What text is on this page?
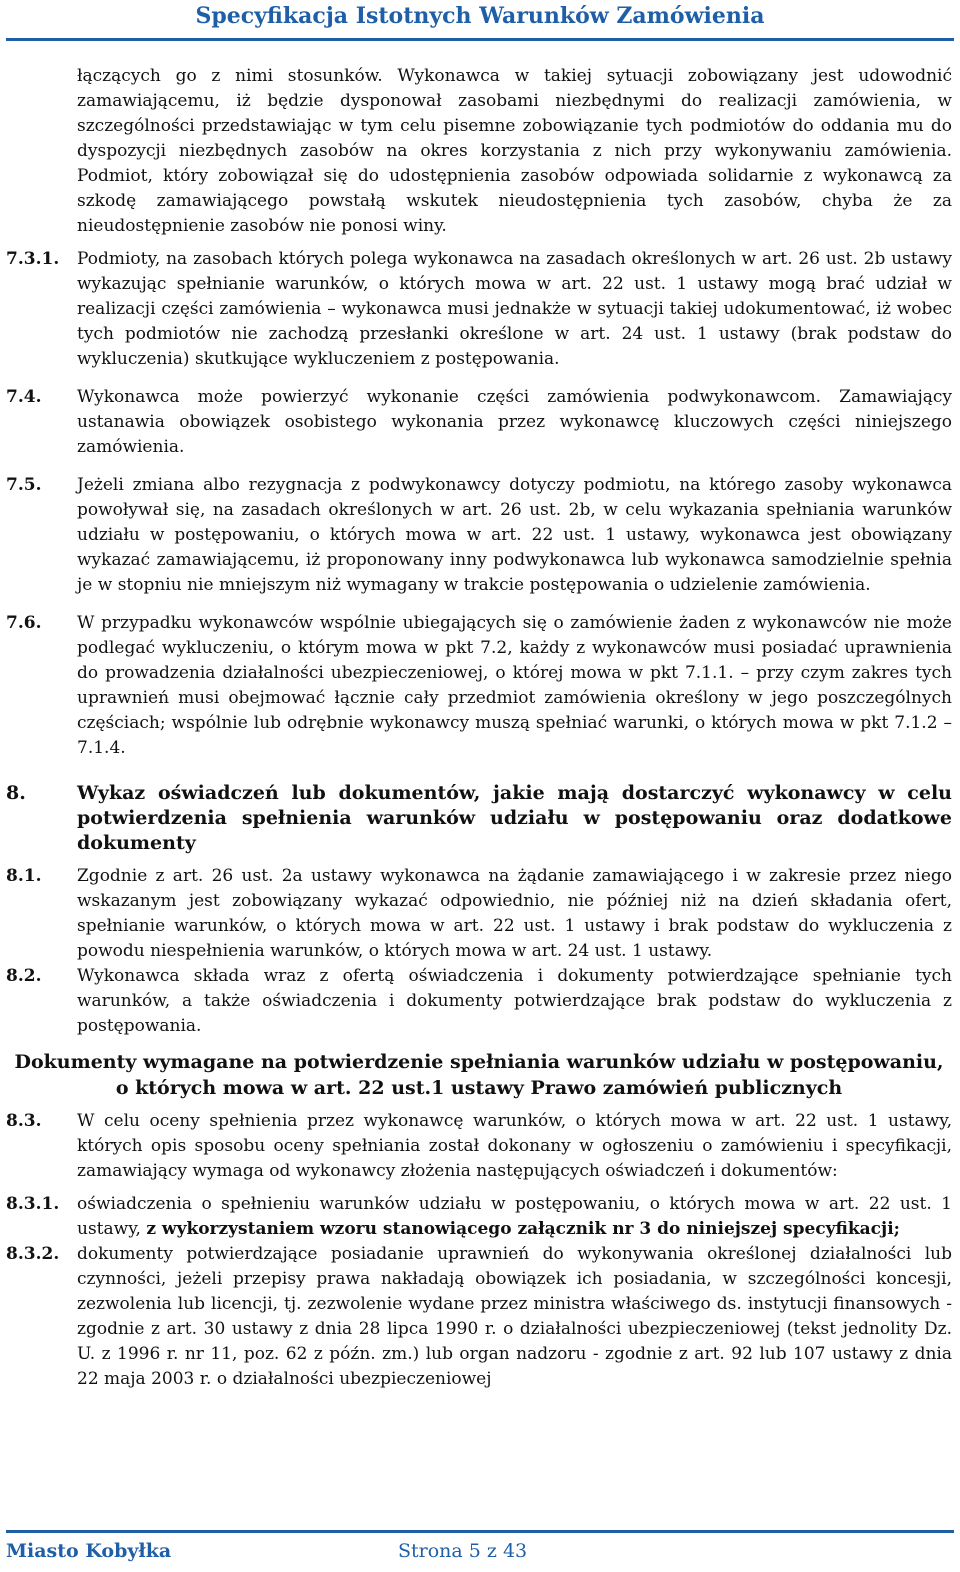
Specyfikacja Istotnych Warunków Zamówienia

łączących go z nimi stosunków. Wykonawca w takiej sytuacji zobowiązany jest udowodnić zamawiającemu, iż będzie dysponował zasobami niezbędnymi do realizacji zamówienia, w szczególności przedstawiając w tym celu pisemne zobowiązanie tych podmiotów do oddania mu do dyspozycji niezbędnych zasobów na okres korzystania z nich przy wykonywaniu zamówienia. Podmiot, który zobowiązał się do udostępnienia zasobów odpowiada solidarnie z wykonawcą za szkodę zamawiającego powstałą wskutek nieudostępnienia tych zasobów, chyba że za nieudostępnienie zasobów nie ponosi winy.

7.3.1. Podmioty, na zasobach których polega wykonawca na zasadach określonych w art. 26 ust. 2b ustawy wykazując spełnianie warunków, o których mowa w art. 22 ust. 1 ustawy mogą brać udział w realizacji części zamówienia – wykonawca musi jednakże w sytuacji takiej udokumentować, iż wobec tych podmiotów nie zachodzą przesłanki określone w art. 24 ust. 1 ustawy (brak podstaw do wykluczenia) skutkujące wykluczeniem z postępowania.

7.4. Wykonawca może powierzyć wykonanie części zamówienia podwykonawcom. Zamawiający ustanawia obowiązek osobistego wykonania przez wykonawcę kluczowych części niniejszego zamówienia.

7.5. Jeżeli zmiana albo rezygnacja z podwykonawcy dotyczy podmiotu, na którego zasoby wykonawca powoływał się, na zasadach określonych w art. 26 ust. 2b, w celu wykazania spełniania warunków udziału w postępowaniu, o których mowa w art. 22 ust. 1 ustawy, wykonawca jest obowiązany wykazać zamawiającemu, iż proponowany inny podwykonawca lub wykonawca samodzielnie spełnia je w stopniu nie mniejszym niż wymagany w trakcie postępowania o udzielenie zamówienia.

7.6. W przypadku wykonawców wspólnie ubiegających się o zamówienie żaden z wykonawców nie może podlegać wykluczeniu, o którym mowa w pkt 7.2, każdy z wykonawców musi posiadać uprawnienia do prowadzenia działalności ubezpieczeniowej, o której mowa w pkt 7.1.1. – przy czym zakres tych uprawnień musi obejmować łącznie cały przedmiot zamówienia określony w jego poszczególnych częściach; wspólnie lub odrębnie wykonawcy muszą spełniać warunki, o których mowa w pkt 7.1.2 – 7.1.4.

8.	Wykaz oświadczeń lub dokumentów, jakie mają dostarczyć wykonawcy w celu potwierdzenia spełnienia warunków udziału w postępowaniu oraz dodatkowe dokumenty

8.1. Zgodnie z art. 26 ust. 2a ustawy wykonawca na żądanie zamawiającego i w zakresie przez niego wskazanym jest zobowiązany wykazać odpowiednio, nie później niż na dzień składania ofert, spełnianie warunków, o których mowa w art. 22 ust. 1 ustawy i brak podstaw do wykluczenia z powodu niespełnienia warunków, o których mowa w art. 24 ust. 1 ustawy.

8.2. Wykonawca składa wraz z ofertą oświadczenia i dokumenty potwierdzające spełnianie tych warunków, a także oświadczenia i dokumenty potwierdzające brak podstaw do wykluczenia z postępowania.

Dokumenty wymagane na potwierdzenie spełniania warunków udziału w postępowaniu,
o których mowa w art. 22 ust.1 ustawy Prawo zamówień publicznych
8.3. W celu oceny spełnienia przez wykonawcę warunków, o których mowa w art. 22 ust. 1 ustawy, których opis sposobu oceny spełniania został dokonany w ogłoszeniu o zamówieniu i specyfikacji, zamawiający wymaga od wykonawcy złożenia następujących oświadczeń i dokumentów:

8.3.1. oświadczenia o spełnieniu warunków udziału w postępowaniu, o których mowa w art. 22 ust. 1 ustawy, z wykorzystaniem wzoru stanowiącego załącznik nr 3 do niniejszej specyfikacji;

8.3.2. dokumenty potwierdzające posiadanie uprawnień do wykonywania określonej działalności lub czynności, jeżeli przepisy prawa nakładają obowiązek ich posiadania, w szczególności koncesji, zezwolenia lub licencji, tj. zezwolenie wydane przez ministra właściwego ds. instytucji finansowych - zgodnie z art. 30 ustawy z dnia 28 lipca 1990 r. o działalności ubezpieczeniowej (tekst jednolity Dz. U. z 1996 r. nr 11, poz. 62 z późn. zm.) lub organ nadzoru - zgodnie z art. 92 lub 107 ustawy z dnia 22 maja 2003 r. o działalności ubezpieczeniowej

Miasto Kobyłka	Strona 5 z 43
